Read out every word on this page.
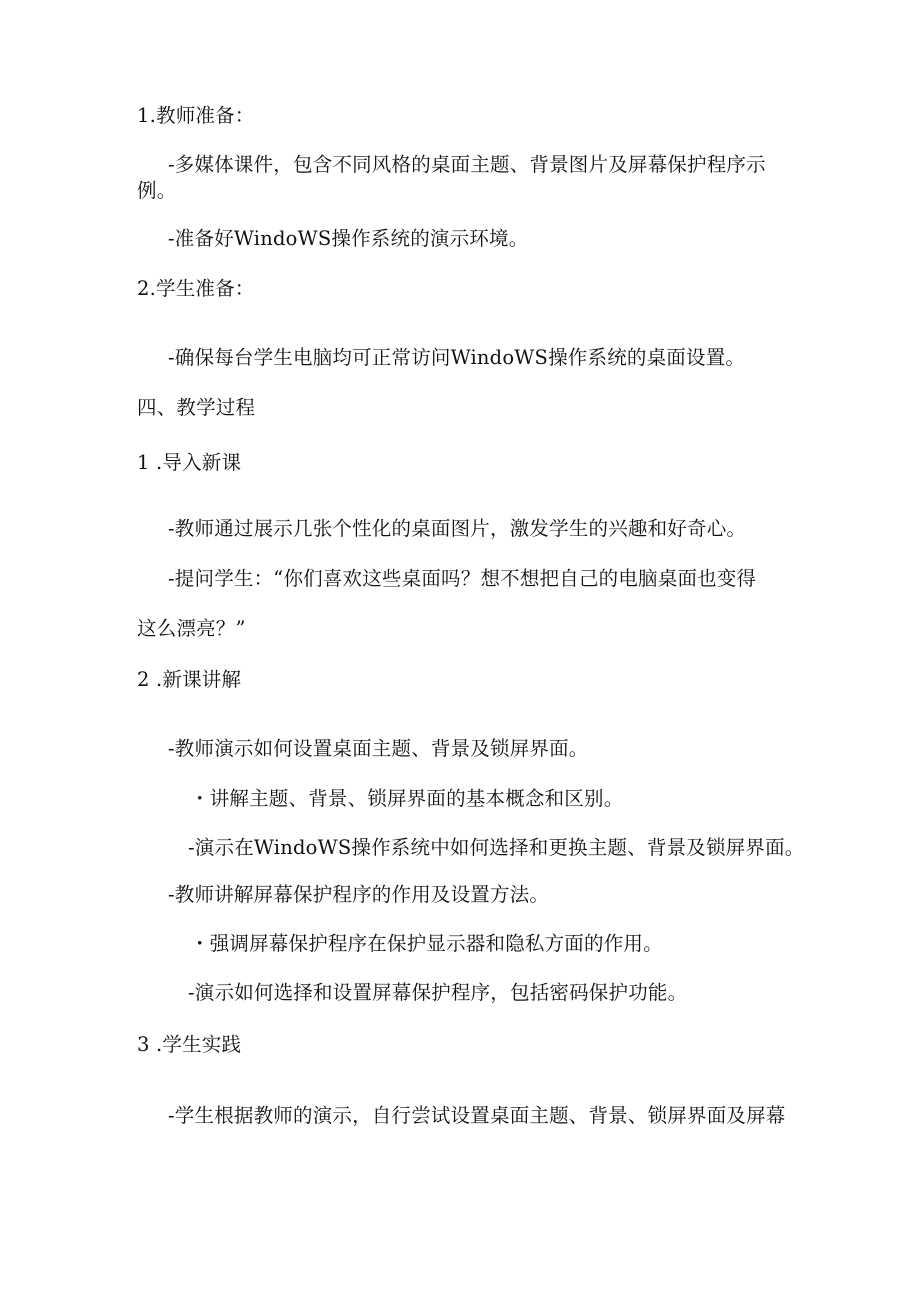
1.教师准备：
-多媒体课件，包含不同风格的桌面主题、背景图片及屏幕保护程序示
例。
-准备好WindoWS操作系统的演示环境。
2.学生准备：
-确保每台学生电脑均可正常访问WindoWS操作系统的桌面设置。
四、教学过程
1 .导入新课
-教师通过展示几张个性化的桌面图片，激发学生的兴趣和好奇心。
-提问学生：“你们喜欢这些桌面吗？想不想把自己的电脑桌面也变得
这么漂亮？”
2 .新课讲解
-教师演示如何设置桌面主题、背景及锁屏界面。
・讲解主题、背景、锁屏界面的基本概念和区别。
-演示在WindoWS操作系统中如何选择和更换主题、背景及锁屏界面。
-教师讲解屏幕保护程序的作用及设置方法。
・强调屏幕保护程序在保护显示器和隐私方面的作用。
-演示如何选择和设置屏幕保护程序，包括密码保护功能。
3 .学生实践
-学生根据教师的演示，自行尝试设置桌面主题、背景、锁屏界面及屏幕
